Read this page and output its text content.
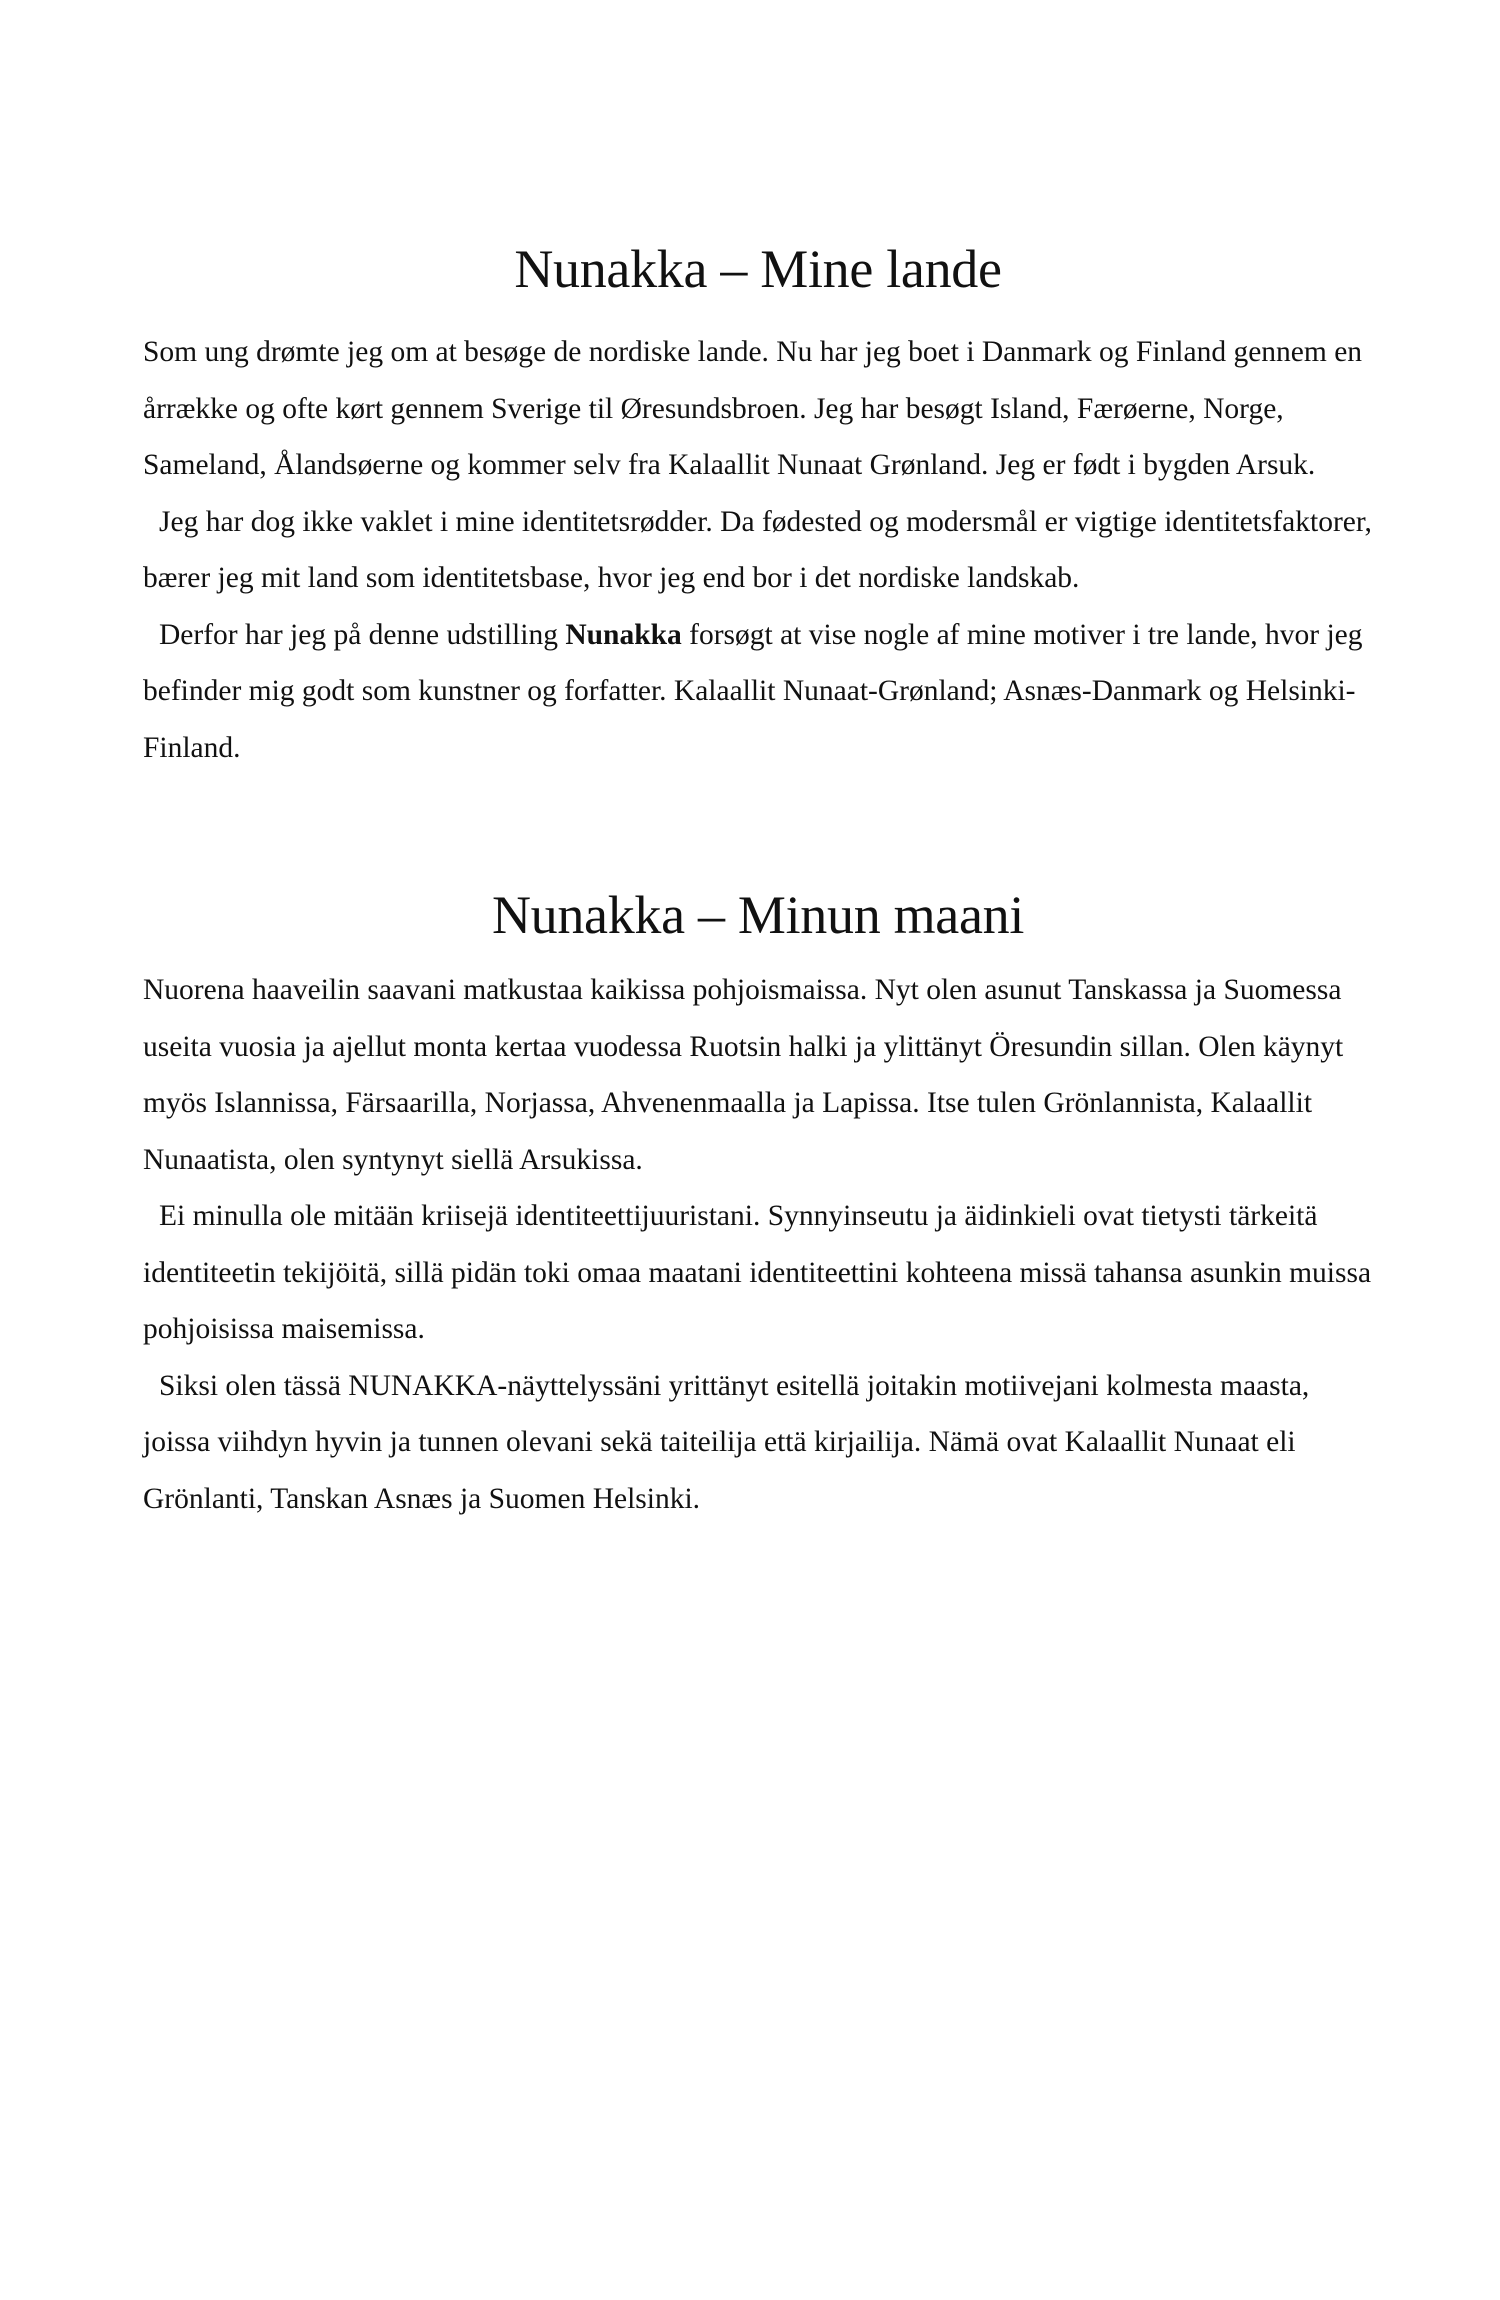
Nunakka – Mine lande

Som ung drømte jeg om at besøge de nordiske lande. Nu har jeg boet i Danmark og Finland gennem en årrække og ofte kørt gennem Sverige til Øresundsbroen. Jeg har besøgt Island, Færøerne, Norge, Sameland, Ålandsøerne og kommer selv fra Kalaallit Nunaat Grønland. Jeg er født i bygden Arsuk.

Jeg har dog ikke vaklet i mine identitetsrødder. Da fødested og modersmål er vigtige identitetsfaktorer, bærer jeg mit land som identitetsbase, hvor jeg end bor i det nordiske landskab.

Derfor har jeg på denne udstilling Nunakka forsøgt at vise nogle af mine motiver i tre lande, hvor jeg befinder mig godt som kunstner og forfatter. Kalaallit Nunaat-Grønland; Asnæs-Danmark og Helsinki-Finland.

Nunakka – Minun maani

Nuorena haaveilin saavani matkustaa kaikissa pohjoismaissa. Nyt olen asunut Tanskassa ja Suomessa useita vuosia ja ajellut monta kertaa vuodessa Ruotsin halki ja ylittänyt Öresundin sillan. Olen käynyt myös Islannissa, Färsaarilla, Norjassa, Ahvenenmaalla ja Lapissa. Itse tulen Grönlannista, Kalaallit Nunaatista, olen syntynyt siellä Arsukissa.

Ei minulla ole mitään kriisejä identiteettijuuristani. Synnyinseutu ja äidinkieli ovat tietysti tärkeitä identiteetin tekijöitä, sillä pidän toki omaa maatani identiteettini kohteena missä tahansa asunkin muissa pohjoisissa maisemissa.

Siksi olen tässä NUNAKKA-näyttelyssäni yrittänyt esitellä joitakin motiivejani kolmesta maasta, joissa viihdyn hyvin ja tunnen olevani sekä taiteilija että kirjailija. Nämä ovat Kalaallit Nunaat eli Grönlanti, Tanskan Asnæs ja Suomen Helsinki.
